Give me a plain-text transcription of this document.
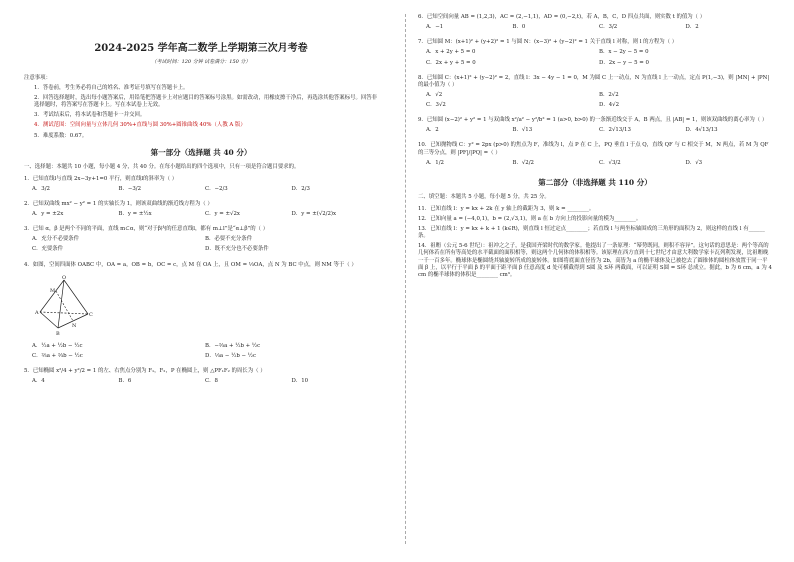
2024-2025 学年高二数学上学期第三次月考卷
（考试时间：120 分钟 试卷满分：150 分）

注意事项：

1．答卷前，考生务必将自己的姓名、准考证号填写在答题卡上。

2．回答选择题时，选出每小题答案后，用铅笔把答题卡上对应题目的答案标号涂黑。如需改动，用橡皮擦干净后，再选涂其他答案标号。回答非选择题时，将答案写在答题卡上。写在本试卷上无效。

3．考试结束后，将本试卷和答题卡一并交回。

4．测试范围：空间向量与立体几何 30%+直线与圆 30%+圆锥曲线 40%（人教 A 版）

5．难度系数：0.67。

第一部分（选择题 共 40 分）

一、选择题：本题共 10 小题，每小题 4 分，共 40 分。在每小题给出的四个选项中，只有一项是符合题目要求的。

1．已知直线l与直线 2x−3y+1=0 平行，则直线l的斜率为（ ）

A．3/2	B．−3/2	C．−2/3	D．2/3

2．已知双曲线 mx² − y² = 1 的实轴长为 1，则该双曲线的渐近线方程为（ ）

A．y = ±2x	B．y = ±½x	C．y = ±√2x	D．y = ±(√2/2)x

3．已知 α，β 是两个不同的平面，直线 m⊂α，则“对于β内的任意直线l，都有 m⊥l”是“α⊥β”的（ ）

A．充分不必要条件	B．必要不充分条件
C．充要条件	D．既不充分也不必要条件

4．如图，空间四面体 OABC 中，OA = a，OB = b，OC = c，点 M 在 OA 上，且 OM = ⅓OA，点 N 为 BC 中点，则 NM 等于（ ）

O
A
B
C
M
N
A．½a + ½b − ½c	B．−⅔a + ½b + ½c
C．⅔a + ⅔b − ½c	D．⅓a − ½b − ½c

5．已知椭圆 x²/4 + y²/2 = 1 的左、右焦点分别为 F₁，F₂，P 在椭圆上，则 △PF₁F₂ 的周长为（ ）

A．4	B．6	C．8	D．10

6．已知空间向量 AB = (1,2,3)，AC = (2,−1,1)，AD = (0,−2,t)，若 A，B，C，D 四点共面，则实数 t 的值为（ ）

A．−1	B．0	C．3/2	D．2

7．已知圆 M：(x+1)² + (y+2)² = 1 与圆 N：(x−3)² + (y−2)² = 1 关于直线 l 对称，则 l 的方程为（ ）

A．x + 2y + 5 = 0	B．x − 2y − 5 = 0
C．2x + y + 5 = 0	D．2x − y − 5 = 0

8．已知圆 C：(x+1)² + (y−2)² = 2，直线 l：3x − 4y − 1 = 0，M 为圆 C 上一动点，N 为直线 l 上一动点，定点 P(1,−3)，则 |MN| + |PN| 的最小值为（ ）

A．√2	B．2√2
C．3√2	D．4√2

9．已知圆 (x−2)² + y² = 1 与双曲线 x²/a² − y²/b² = 1 (a>0, b>0) 的一条渐近线交于 A，B 两点，且 |AB| = 1，则该双曲线的离心率为（ ）

A．2	B．√13	C．2√13/13	D．4√13/13

10．已知抛物线 C：y² = 2px (p>0) 的焦点为 F，准线为 l，点 P 在 C 上，PQ 垂直 l 于点 Q，直线 QF 与 C 相交于 M，N 两点，若 M 为 QF 的三等分点，则 |PF|/|PQ| =（ ）

A．1/2	B．√2/2	C．√3/2	D．√3
第二部分（非选择题 共 110 分）

二、填空题：本题共 5 小题，每小题 5 分，共 25 分。

11．已知直线 l：y = kx + 2k 在 y 轴上的截距为 3，则 k = ________。

12．已知向量 a = (−4,0,1)，b = (2,√3,1)，则 a 在 b 方向上的投影向量的模为________。

13．已知直线 l：y = kx + k + 1 (k∈R)，则直线 l 恒过定点________；若直线 l 与两坐标轴围成的三角形的面积为 2，则这样的直线 l 有______条。

14．祖暅（公元 5-6 世纪）：祖冲之之子，是我国齐梁时代的数学家。他提出了一条原理：“幂势既同，则积不容异”。这句话的意思是：两个等高的几何体若在所有等高处的水平截面的面积相等，则这两个几何体的体积相等。该原理在西方直到十七世纪才由意大利数学家卡瓦列利发现，比祖暅晚一千一百多年。椭球体是椭圆绕其轴旋转所成的旋转体。如图将底面直径皆为 2b，高皆为 a 的椭半球体及已被挖去了圆锥体的圆柱体放置于同一平面 β 上，以平行于平面 β 的平面于距平面 β 任意高度 d 处可横截得到 S圆 及 S环 两截面，可以证明 S圆 = S环 总成立。据此，b 为 6 cm，a 为 4 cm 的椭半球体的体积是________ cm³。
